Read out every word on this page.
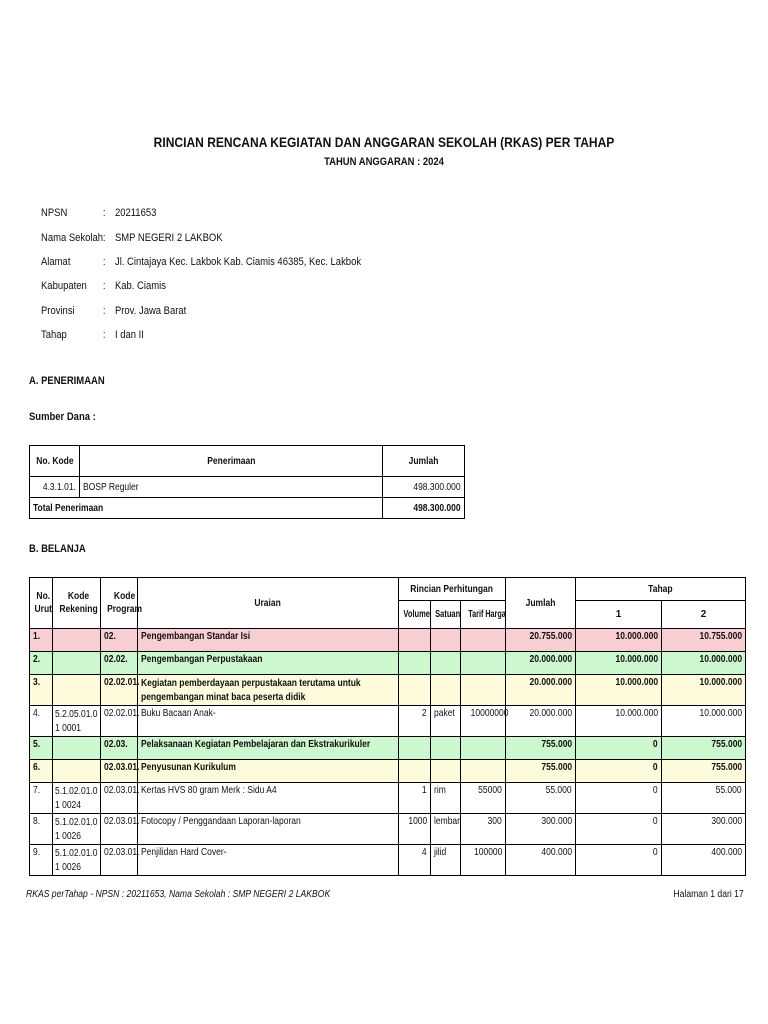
RINCIAN RENCANA KEGIATAN DAN ANGGARAN SEKOLAH (RKAS) PER TAHAP
TAHUN ANGGARAN : 2024
NPSN	: 20211653
Nama Sekolah : SMP NEGERI 2 LAKBOK
Alamat	: Jl. Cintajaya Kec. Lakbok Kab. Ciamis 46385, Kec. Lakbok
Kabupaten	: Kab. Ciamis
Provinsi	: Prov. Jawa Barat
Tahap	: I dan II
A. PENERIMAAN
Sumber Dana :
No. Kode	Penerimaan	Jumlah
4.3.1.01.	BOSP Reguler	498.300.000
Total Penerimaan		498.300.000
B. BELANJA
No. Urut	Kode Rekening	Kode Program	Uraian	Rincian Perhitungan			Jumlah	Tahap	
				Volume	Satuan	Tarif Harga		1	2
1.		02.	Pengembangan Standar Isi				20.755.000	10.000.000	10.755.000
2.		02.02.	Pengembangan Perpustakaan				20.000.000	10.000.000	10.000.000
3.		02.02.01.	Kegiatan pemberdayaan perpustakaan terutama untuk pengembangan minat baca peserta didik				20.000.000	10.000.000	10.000.000
4.	5.2.05.01.01 0001	02.02.01.	Buku Bacaan Anak-	2	paket	10000000	20.000.000	10.000.000	10.000.000
5.		02.03.	Pelaksanaan Kegiatan Pembelajaran dan Ekstrakurikuler				755.000	0	755.000
6.		02.03.01.	Penyusunan Kurikulum				755.000	0	755.000
7.	5.1.02.01.01 0024	02.03.01.	Kertas HVS 80 gram Merk : Sidu A4	1	rim	55000	55.000	0	55.000
8.	5.1.02.01.01 0026	02.03.01.	Fotocopy / Penggandaan Laporan-laporan	1000	lembar	300	300.000	0	300.000
9.	5.1.02.01.01 0026	02.03.01.	Penjilidan Hard Cover-	4	jilid	100000	400.000	0	400.000
RKAS perTahap - NPSN : 20211653, Nama Sekolah : SMP NEGERI 2 LAKBOK	Halaman 1 dari 17
